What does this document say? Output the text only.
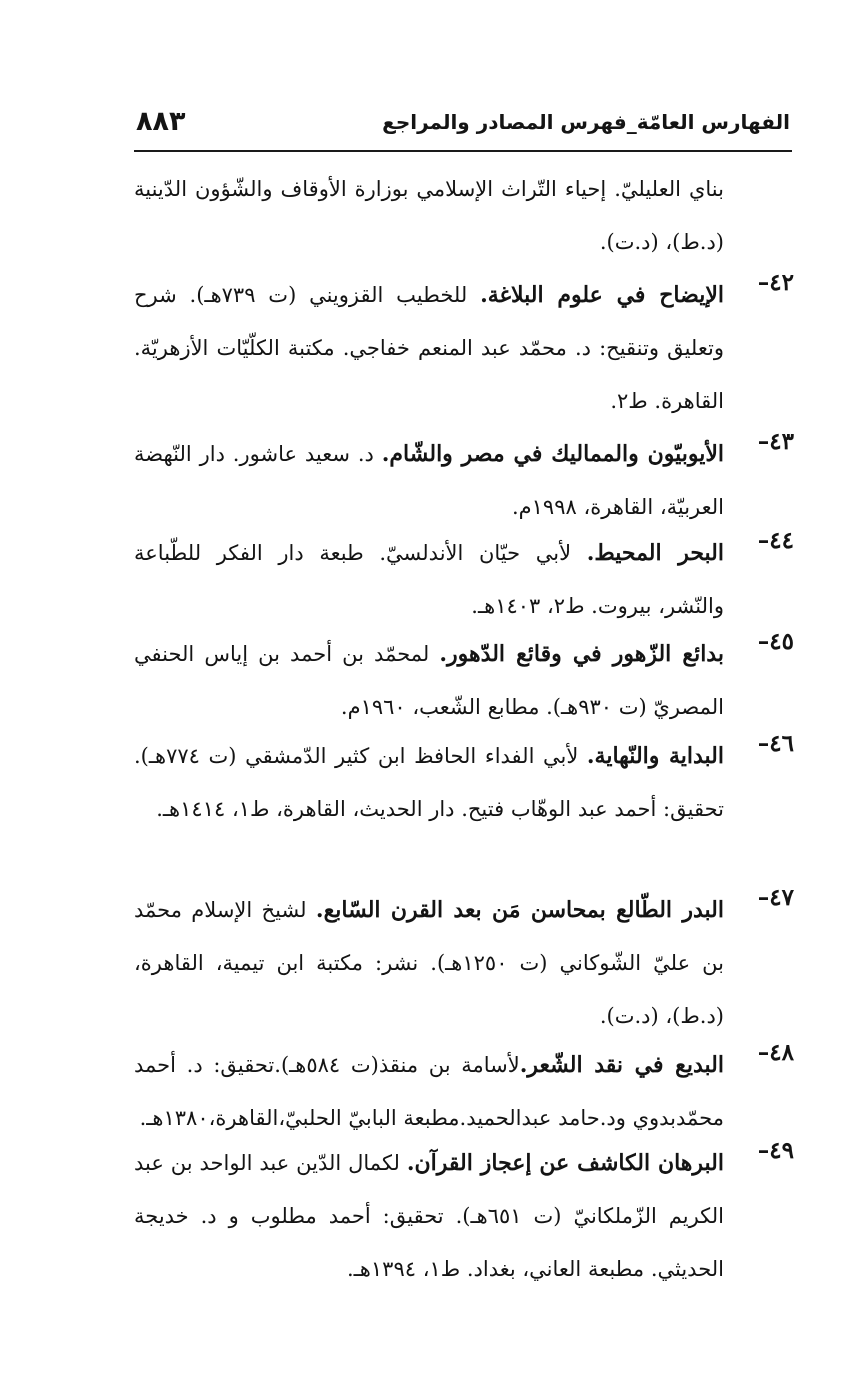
٨٨٣	الفهارس العامّة_فهرس المصادر والمراجع
بناي العليليّ. إحياء التّراث الإسلامي بوزارة الأوقاف والشّؤون الدّينية (د.ط)، (د.ت).
٤٢–
الإيضاح في علوم البلاغة. للخطيب القزويني (ت ٧٣٩هـ). شرح وتعليق وتنقيح: د. محمّد عبد المنعم خفاجي. مكتبة الكلّيّات الأزهريّة. القاهرة. ط٢.
٤٣–
الأيوبيّون والمماليك في مصر والشّام. د. سعيد عاشور. دار النّهضة العربيّة، القاهرة، ١٩٩٨م.
٤٤–
البحر المحيط. لأبي حيّان الأندلسيّ. طبعة دار الفكر للطّباعة والنّشر، بيروت. ط٢، ١٤٠٣هـ.
٤٥–
بدائع الزّهور في وقائع الدّهور. لمحمّد بن أحمد بن إياس الحنفي المصريّ (ت ٩٣٠هـ). مطابع الشّعب، ١٩٦٠م.
٤٦–
البداية والنّهاية. لأبي الفداء الحافظ ابن كثير الدّمشقي (ت ٧٧٤هـ). تحقيق: أحمد عبد الوهّاب فتيح. دار الحديث، القاهرة، ط١، ١٤١٤هـ.
٤٧–
البدر الطّالع بمحاسن مَن بعد القرن السّابع. لشيخ الإسلام محمّد بن عليّ الشّوكاني (ت ١٢٥٠هـ). نشر: مكتبة ابن تيمية، القاهرة، (د.ط)، (د.ت).
٤٨–
البديع في نقد الشّعر.لأسامة بن منقذ(ت ٥٨٤هـ).تحقيق: د. أحمد محمّدبدوي ود.حامد عبدالحميد.مطبعة البابيّ الحلبيّ،القاهرة،١٣٨٠هـ.
٤٩–
البرهان الكاشف عن إعجاز القرآن. لكمال الدّين عبد الواحد بن عبد الكريم الزّملكانيّ (ت ٦٥١هـ). تحقيق: أحمد مطلوب و د. خديجة الحديثي. مطبعة العاني، بغداد. ط١، ١٣٩٤هـ.
